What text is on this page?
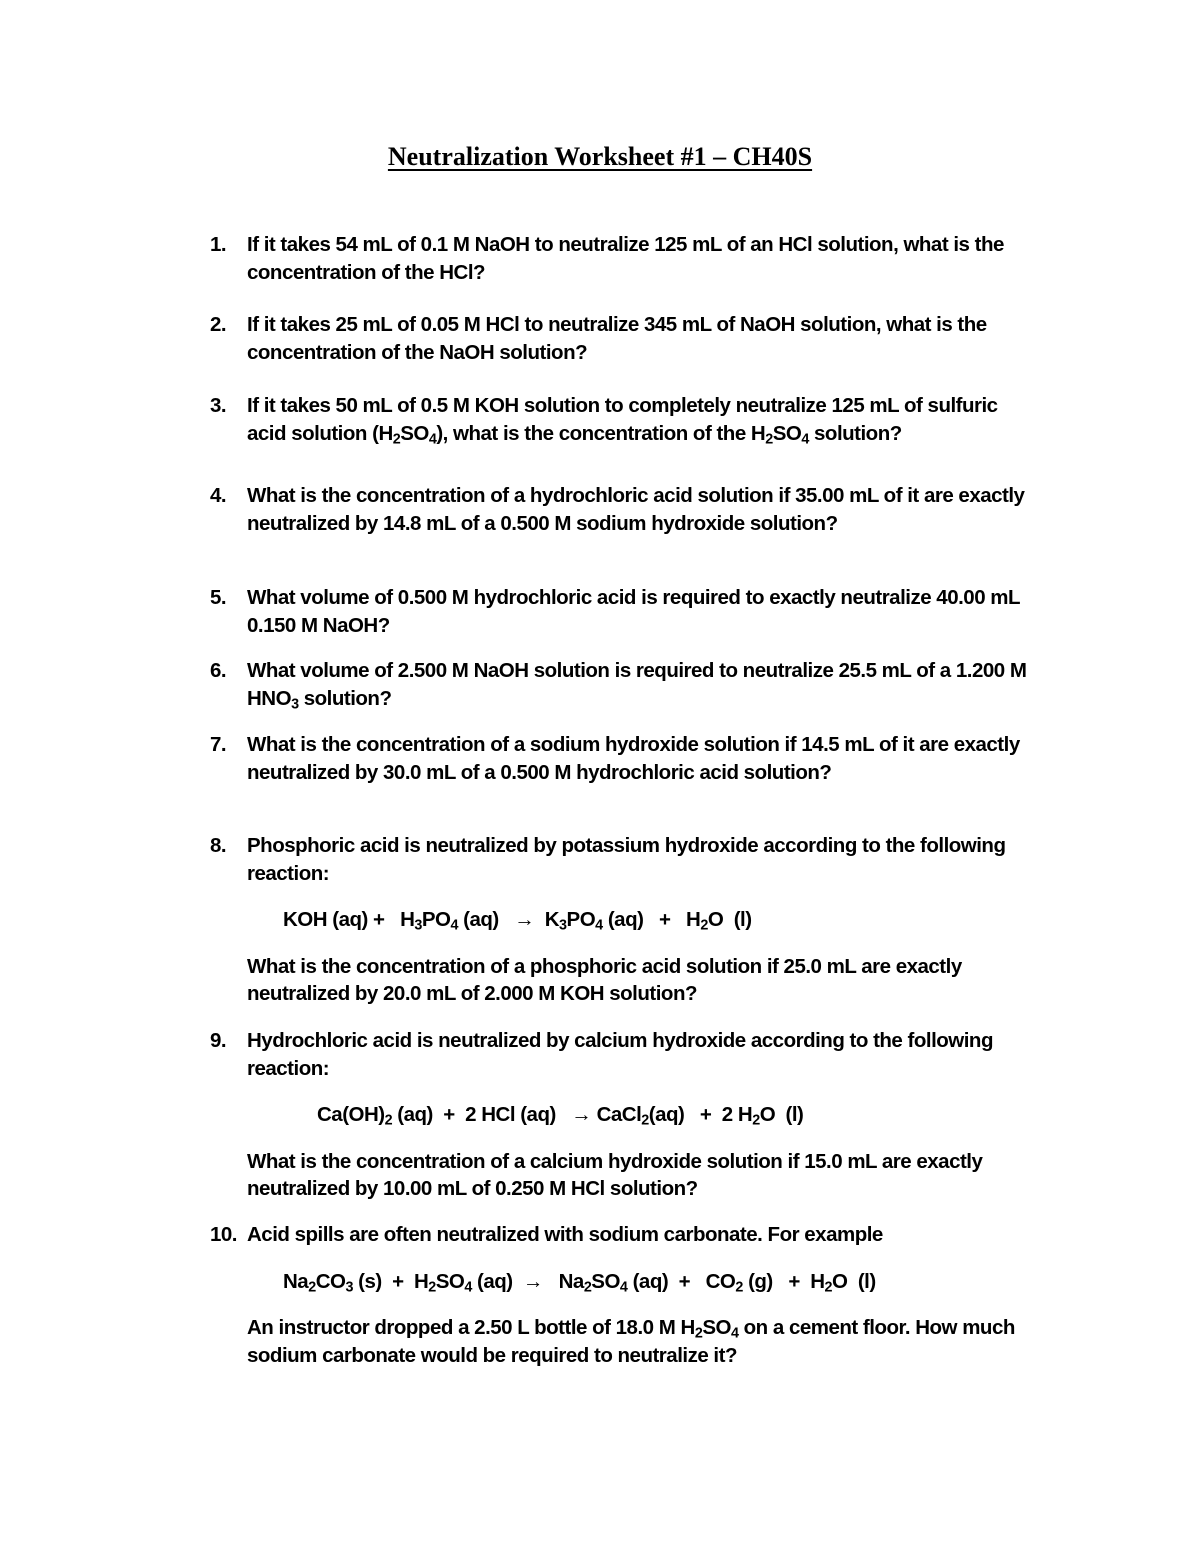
Neutralization Worksheet #1 – CH40S
1. If it takes 54 mL of 0.1 M NaOH to neutralize 125 mL of an HCl solution, what is the concentration of the HCl?
2. If it takes 25 mL of 0.05 M HCl to neutralize 345 mL of NaOH solution, what is the concentration of the NaOH solution?
3. If it takes 50 mL of 0.5 M KOH solution to completely neutralize 125 mL of sulfuric acid solution $(H_2SO_4)$, what is the concentration of the $H_2SO_4$ solution?
4. What is the concentration of a hydrochloric acid solution if 35.00 mL of it are exactly neutralized by 14.8 mL of a 0.500 M sodium hydroxide solution?
5. What volume of 0.500 M hydrochloric acid is required to exactly neutralize 40.00 mL 0.150 M NaOH?
6. What volume of 2.500 M NaOH solution is required to neutralize 25.5 mL of a 1.200 M $HNO_3$ solution?
7. What is the concentration of a sodium hydroxide solution if 14.5 mL of it are exactly neutralized by 30.0 mL of a 0.500 M hydrochloric acid solution?
8. Phosphoric acid is neutralized by potassium hydroxide according to the following reaction:
KOH $(aq) + H_3PO_4$ $(aq) \to K_3PO_4$ $(aq) + H_2O$  (l)
What is the concentration of a phosphoric acid solution if 25.0 mL are exactly neutralized by 20.0 mL of 2.000 M KOH solution?
9. Hydrochloric acid is neutralized by calcium hydroxide according to the following reaction:
$Ca(OH)_2$ (aq)  +  2 HCl (aq)   → CaCl$_2$(aq)   +  2 $H_2O$  (l)
What is the concentration of a calcium hydroxide solution if 15.0 mL are exactly neutralized by 10.00 mL of 0.250 M HCl solution?
10. Acid spills are often neutralized with sodium carbonate. For example
$Na_2CO_3$ $(s) + H_2SO_4$ $(aq) \to Na_2SO_4$ $(aq) + CO_2$ $(g) + H_2O$  (l)
An instructor dropped a 2.50 L bottle of 18.0 M $H_2SO_4$ on a cement floor. How much sodium carbonate would be required to neutralize it?
